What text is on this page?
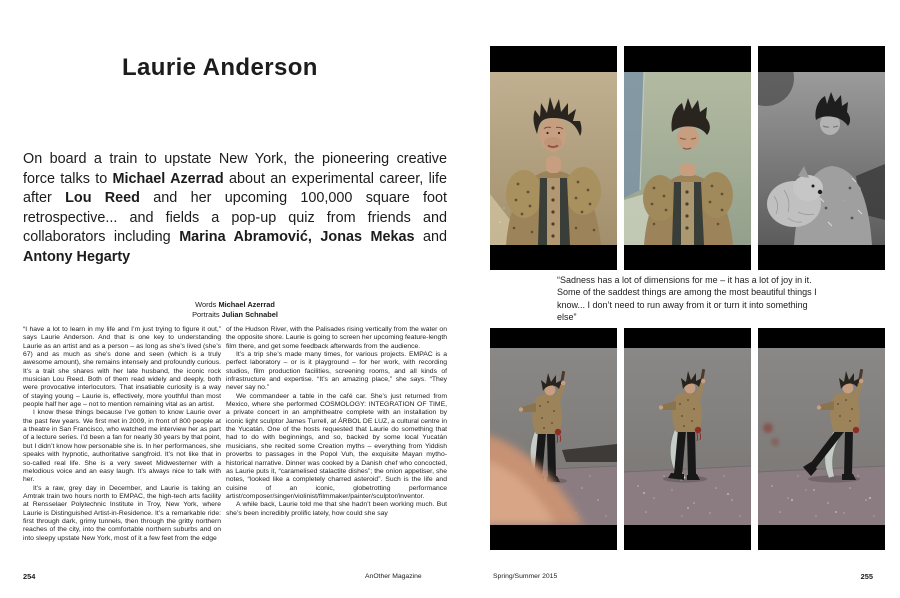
Laurie Anderson

On board a train to upstate New York, the pioneering creative force talks to Michael Azerrad about an experimental career, life after Lou Reed and her upcoming 100,000 square foot retrospective... and fields a pop-up quiz from friends and collaborators including Marina Abramović, Jonas Mekas and Antony Hegarty

Words Michael Azerrad

Portraits Julian Schnabel

“I have a lot to learn in my life and I’m just trying to figure it out,” says Laurie Anderson. And that is one key to understanding Laurie as an artist and as a person – as long as she’s lived (she’s 67) and as much as she’s done and seen (which is a truly awesome amount), she remains intensely and profoundly curious. It’s a trait she shares with her late husband, the iconic rock musician Lou Reed. Both of them read widely and deeply, both were provocative interlocutors. That insatiable curiosity is a way of staying young – Laurie is, effectively, more youthful than most people half her age – not to mention remaining vital as an artist.

I know these things because I’ve gotten to know Laurie over the past few years. We first met in 2009, in front of 800 people at a theatre in San Francisco, who watched me interview her as part of a lecture series. I’d been a fan for nearly 30 years by that point, but I didn’t know how personable she is. In her performances, she speaks with hypnotic, authoritative sangfroid. It’s not like that in so-called real life. She is a very sweet Midwesterner with a melodious voice and an easy laugh. It’s always nice to talk with her.

It’s a raw, grey day in December, and Laurie is taking an Amtrak train two hours north to EMPAC, the high-tech arts facility at Rensselaer Polytechnic Institute in Troy, New York, where Laurie is Distinguished Artist-in-Residence. It’s a remarkable ride: first through dark, grimy tunnels, then through the gritty northern reaches of the city, into the comfortable northern suburbs and on into sleepy upstate New York, most of it a few feet from the edge

of the Hudson River, with the Palisades rising vertically from the water on the opposite shore. Laurie is going to screen her upcoming feature-length film there, and get some feedback afterwards from the audience.

It’s a trip she’s made many times, for various projects. EMPAC is a perfect laboratory – or is it playground – for her work, with recording studios, film production facilities, screening rooms, and all kinds of infrastructure and expertise. “It’s an amazing place,” she says. “They never say no.”

We commandeer a table in the café car. She’s just returned from Mexico, where she performed COSMOLOGY: INTEGRATION OF TIME, a private concert in an amphitheatre complete with an installation by iconic light sculptor James Turrell, at ÁRBOL DE LUZ, a cultural centre in the Yucatán. One of the hosts requested that Laurie do something that had to do with beginnings, and so, backed by some local Yucatán musicians, she recited some Creation myths – everything from Yiddish proverbs to passages in the Popol Vuh, the exquisite Mayan mytho-historical narrative. Dinner was cooked by a Danish chef who concocted, as Laurie puts it, “caramelised stalactite dishes”; the onion appetiser, she notes, “looked like a completely charred asteroid”. Such is the life and cuisine of an iconic, globetrotting performance artist/composer/singer/violinist/filmmaker/painter/sculptor/inventor.

A while back, Laurie told me that she hadn’t been working much. But she’s been incredibly prolific lately, how could she say

254	AnOther Magazine

“Sadness has a lot of dimensions for me – it has a lot of joy in it. Some of the saddest things are among the most beautiful things I know... I don’t need to run away from it or turn it into something else”

Spring/Summer 2015	255
